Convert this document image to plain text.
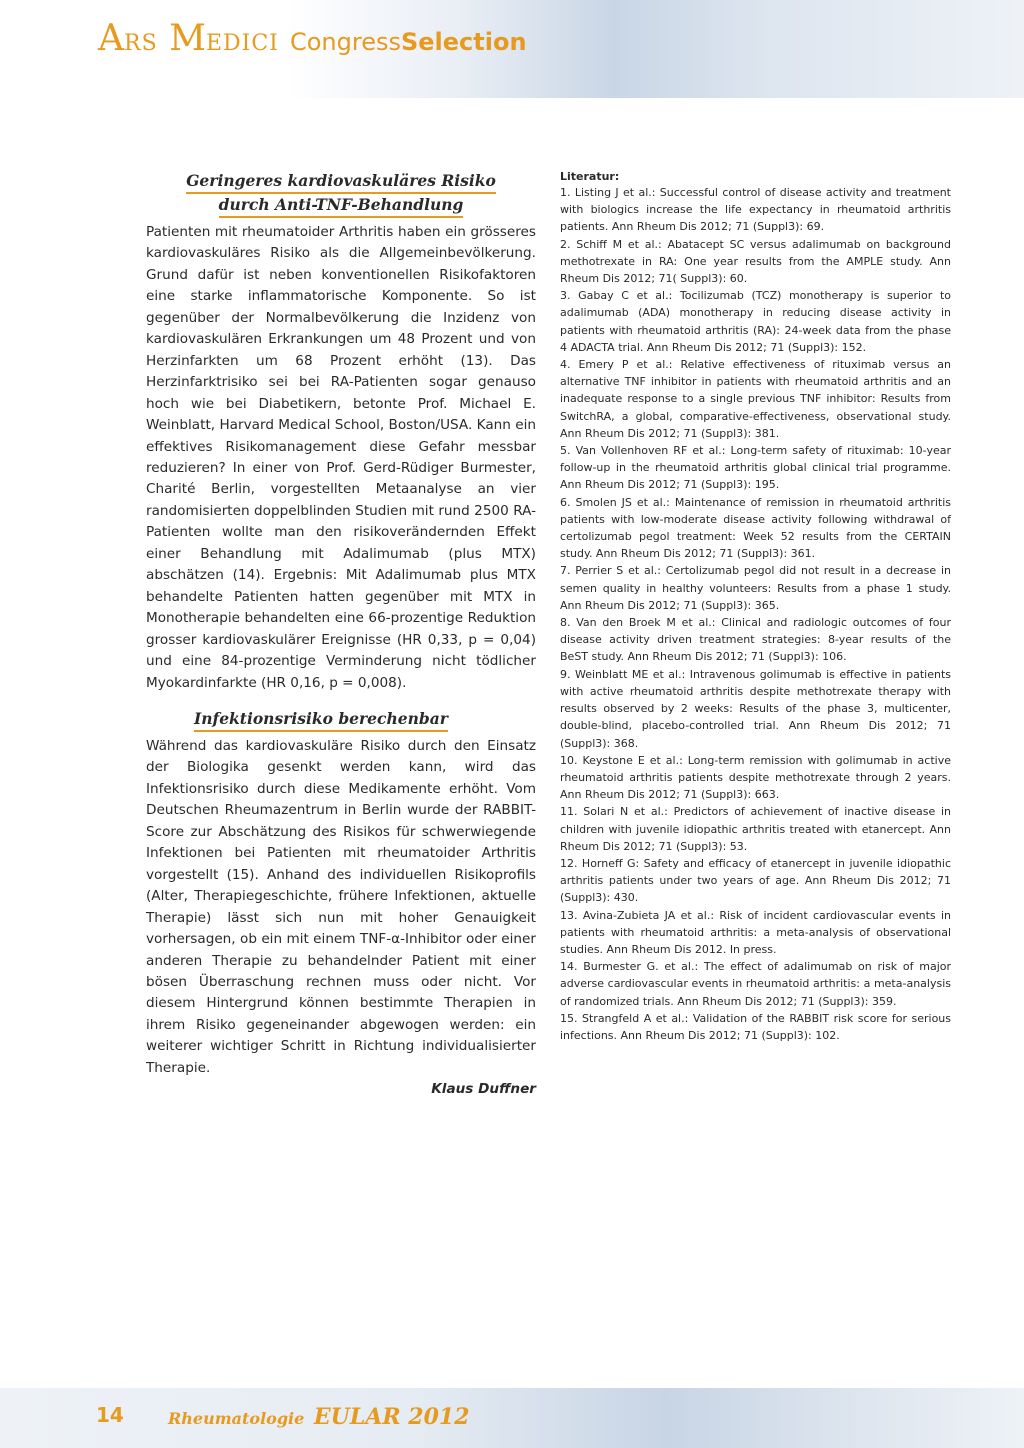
ARS MEDICI CongressSelection
Geringeres kardiovaskuläres Risiko
durch Anti-TNF-Behandlung

Patienten mit rheumatoider Arthritis haben ein grösseres kardiovaskuläres Risiko als die Allgemeinbevölkerung. Grund dafür ist neben konventionellen Risikofaktoren eine starke inflammatorische Komponente. So ist gegenüber der Normalbevölkerung die Inzidenz von kardiovaskulären Erkrankungen um 48 Prozent und von Herzinfarkten um 68 Prozent erhöht (13). Das Herzinfarktrisiko sei bei RA-Patienten sogar genauso hoch wie bei Diabetikern, betonte Prof. Michael E. Weinblatt, Harvard Medical School, Boston/USA. Kann ein effektives Risikomanagement diese Gefahr messbar reduzieren? In einer von Prof. Gerd-Rüdiger Burmester, Charité Berlin, vorgestellten Metaanalyse an vier randomisierten doppelblinden Studien mit rund 2500 RA-Patienten wollte man den risikoverändernden Effekt einer Behandlung mit Adalimumab (plus MTX) abschätzen (14). Ergebnis: Mit Adalimumab plus MTX behandelte Patienten hatten gegenüber mit MTX in Monotherapie behandelten eine 66-prozentige Reduktion grosser kardiovaskulärer Ereignisse (HR 0,33, p = 0,04) und eine 84-prozentige Verminderung nicht tödlicher Myokardinfarkte (HR 0,16, p = 0,008).

Infektionsrisiko berechenbar

Während das kardiovaskuläre Risiko durch den Einsatz der Biologika gesenkt werden kann, wird das Infektionsrisiko durch diese Medikamente erhöht. Vom Deutschen Rheumazentrum in Berlin wurde der RABBIT-Score zur Abschätzung des Risikos für schwerwiegende Infektionen bei Patienten mit rheumatoider Arthritis vorgestellt (15). Anhand des individuellen Risikoprofils (Alter, Therapiegeschichte, frühere Infektionen, aktuelle Therapie) lässt sich nun mit hoher Genauigkeit vorhersagen, ob ein mit einem TNF-α-Inhibitor oder einer anderen Therapie zu behandelnder Patient mit einer bösen Überraschung rechnen muss oder nicht. Vor diesem Hintergrund können bestimmte Therapien in ihrem Risiko gegeneinander abgewogen werden: ein weiterer wichtiger Schritt in Richtung individualisierter Therapie.

Klaus Duffner
Literatur:
1. Listing J et al.: Successful control of disease activity and treatment with biologics increase the life expectancy in rheumatoid arthritis patients. Ann Rheum Dis 2012; 71 (Suppl3): 69.
2. Schiff M et al.: Abatacept SC versus adalimumab on background methotrexate in RA: One year results from the AMPLE study. Ann Rheum Dis 2012; 71( Suppl3): 60.
3. Gabay C et al.: Tocilizumab (TCZ) monotherapy is superior to adalimumab (ADA) monotherapy in reducing disease activity in patients with rheumatoid arthritis (RA): 24-week data from the phase 4 ADACTA trial. Ann Rheum Dis 2012; 71 (Suppl3): 152.
4. Emery P et al.: Relative effectiveness of rituximab versus an alternative TNF inhibitor in patients with rheumatoid arthritis and an inadequate response to a single previous TNF inhibitor: Results from SwitchRA, a global, comparative-effectiveness, observational study. Ann Rheum Dis 2012; 71 (Suppl3): 381.
5. Van Vollenhoven RF et al.: Long-term safety of rituximab: 10-year follow-up in the rheumatoid arthritis global clinical trial programme. Ann Rheum Dis 2012; 71 (Suppl3): 195.
6. Smolen JS et al.: Maintenance of remission in rheumatoid arthritis patients with low-moderate disease activity following withdrawal of certolizumab pegol treatment: Week 52 results from the CERTAIN study. Ann Rheum Dis 2012; 71 (Suppl3): 361.
7. Perrier S et al.: Certolizumab pegol did not result in a decrease in semen quality in healthy volunteers: Results from a phase 1 study. Ann Rheum Dis 2012; 71 (Suppl3): 365.
8. Van den Broek M et al.: Clinical and radiologic outcomes of four disease activity driven treatment strategies: 8-year results of the BeST study. Ann Rheum Dis 2012; 71 (Suppl3): 106.
9. Weinblatt ME et al.: Intravenous golimumab is effective in patients with active rheumatoid arthritis despite methotrexate therapy with results observed by 2 weeks: Results of the phase 3, multicenter, double-blind, placebo-controlled trial. Ann Rheum Dis 2012; 71 (Suppl3): 368.
10. Keystone E et al.: Long-term remission with golimumab in active rheumatoid arthritis patients despite methotrexate through 2 years. Ann Rheum Dis 2012; 71 (Suppl3): 663.
11. Solari N et al.: Predictors of achievement of inactive disease in children with juvenile idiopathic arthritis treated with etanercept. Ann Rheum Dis 2012; 71 (Suppl3): 53.
12. Horneff G: Safety and efficacy of etanercept in juvenile idiopathic arthritis patients under two years of age. Ann Rheum Dis 2012; 71 (Suppl3): 430.
13. Avina-Zubieta JA et al.: Risk of incident cardiovascular events in patients with rheumatoid arthritis: a meta-analysis of observational studies. Ann Rheum Dis 2012. In press.
14. Burmester G. et al.: The effect of adalimumab on risk of major adverse cardiovascular events in rheumatoid arthritis: a meta-analysis of randomized trials. Ann Rheum Dis 2012; 71 (Suppl3): 359.
15. Strangfeld A et al.: Validation of the RABBIT risk score for serious infections. Ann Rheum Dis 2012; 71 (Suppl3): 102.
14	Rheumatologie EULAR 2012
